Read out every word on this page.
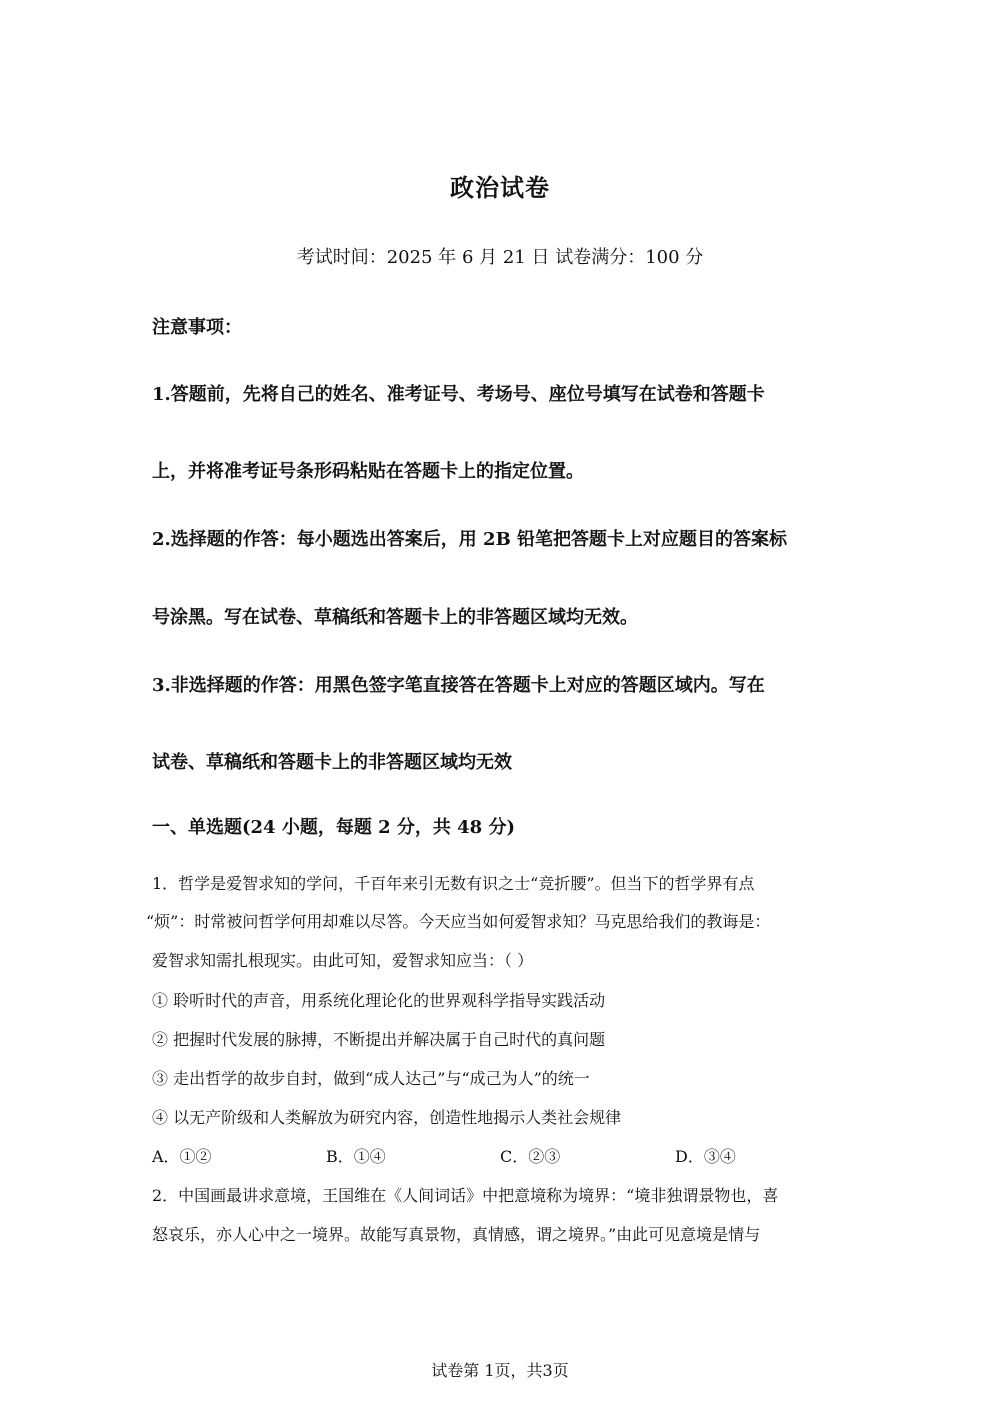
政治试卷
考试时间：2025 年 6 月 21 日 试卷满分：100 分
注意事项：
1.答题前，先将自己的姓名、准考证号、考场号、座位号填写在试卷和答题卡
上，并将准考证号条形码粘贴在答题卡上的指定位置。
2.选择题的作答：每小题选出答案后，用 2B 铅笔把答题卡上对应题目的答案标
号涂黑。写在试卷、草稿纸和答题卡上的非答题区域均无效。
3.非选择题的作答：用黑色签字笔直接答在答题卡上对应的答题区域内。写在
试卷、草稿纸和答题卡上的非答题区域均无效
一、单选题(24 小题，每题 2 分，共 48 分)
1．哲学是爱智求知的学问，千百年来引无数有识之士“竞折腰”。但当下的哲学界有点
“烦”：时常被问哲学何用却难以尽答。今天应当如何爱智求知？马克思给我们的教诲是：
爱智求知需扎根现实。由此可知，爱智求知应当：（ ）
① 聆听时代的声音，用系统化理论化的世界观科学指导实践活动
② 把握时代发展的脉搏，不断提出并解决属于自己时代的真问题
③ 走出哲学的故步自封，做到“成人达己”与“成己为人”的统一
④ 以无产阶级和人类解放为研究内容，创造性地揭示人类社会规律
A．①②	B．①④	C．②③	D．③④
2．中国画最讲求意境，王国维在《人间词话》中把意境称为境界：“境非独谓景物也，喜
怒哀乐，亦人心中之一境界。故能写真景物，真情感，谓之境界。”由此可见意境是情与
试卷第 1页，共3页
